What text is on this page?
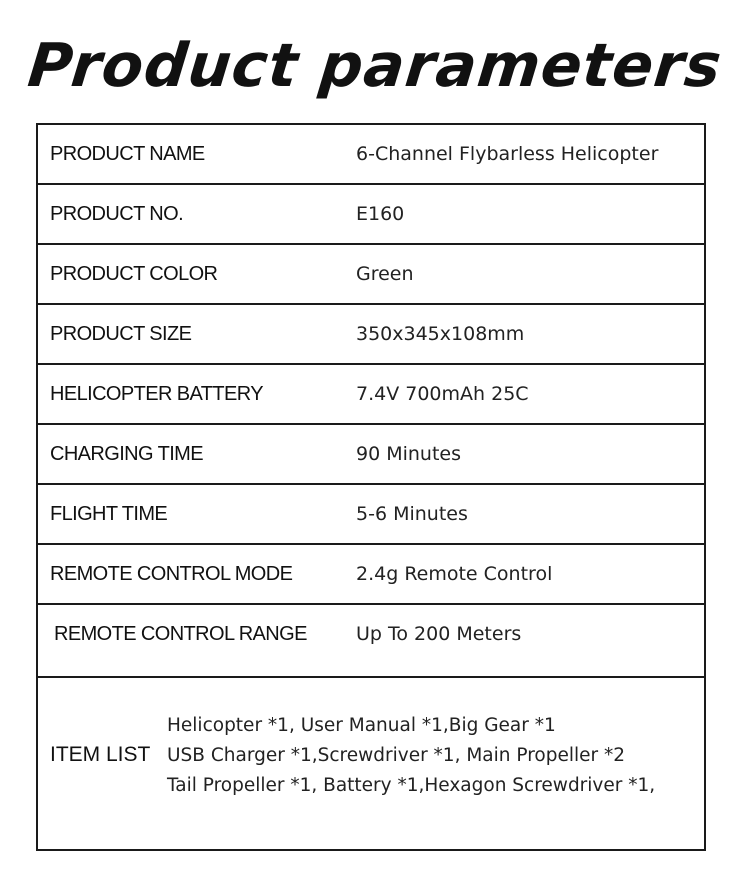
Product parameters
PRODUCT NAME	6-Channel Flybarless Helicopter
PRODUCT NO.	E160
PRODUCT COLOR	Green
PRODUCT SIZE	350x345x108mm
HELICOPTER BATTERY	7.4V 700mAh 25C
CHARGING TIME	90 Minutes
FLIGHT TIME	5-6 Minutes
REMOTE CONTROL MODE	2.4g Remote Control
REMOTE CONTROL RANGE	Up To 200 Meters
ITEM LIST
Helicopter *1, User Manual *1,Big Gear *1
USB Charger *1,Screwdriver *1, Main Propeller *2
Tail Propeller *1, Battery *1,Hexagon Screwdriver *1,
